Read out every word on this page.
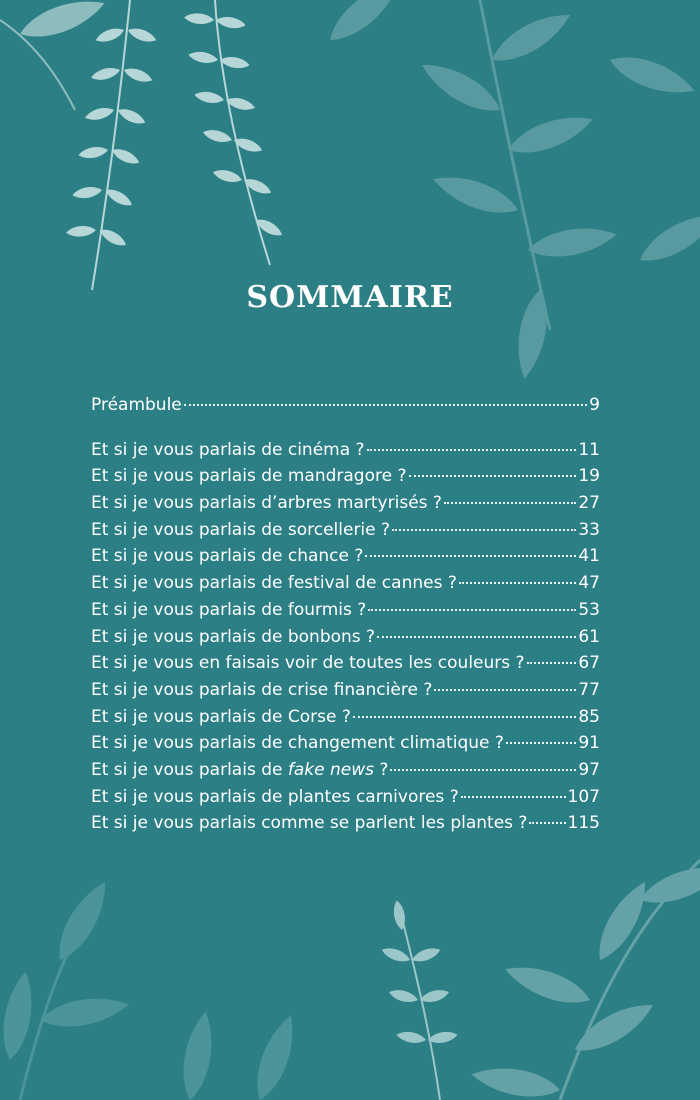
SOMMAIRE
Préambule	9
Et si je vous parlais de cinéma ?	11
Et si je vous parlais de mandragore ?	19
Et si je vous parlais d’arbres martyrisés ?	27
Et si je vous parlais de sorcellerie ?	33
Et si je vous parlais de chance ?	41
Et si je vous parlais de festival de cannes ?	47
Et si je vous parlais de fourmis ?	53
Et si je vous parlais de bonbons ?	61
Et si je vous en faisais voir de toutes les couleurs ?	67
Et si je vous parlais de crise financière ?	77
Et si je vous parlais de Corse ?	85
Et si je vous parlais de changement climatique ?	91
Et si je vous parlais de fake news ?	97
Et si je vous parlais de plantes carnivores ?	107
Et si je vous parlais comme se parlent les plantes ? 115
